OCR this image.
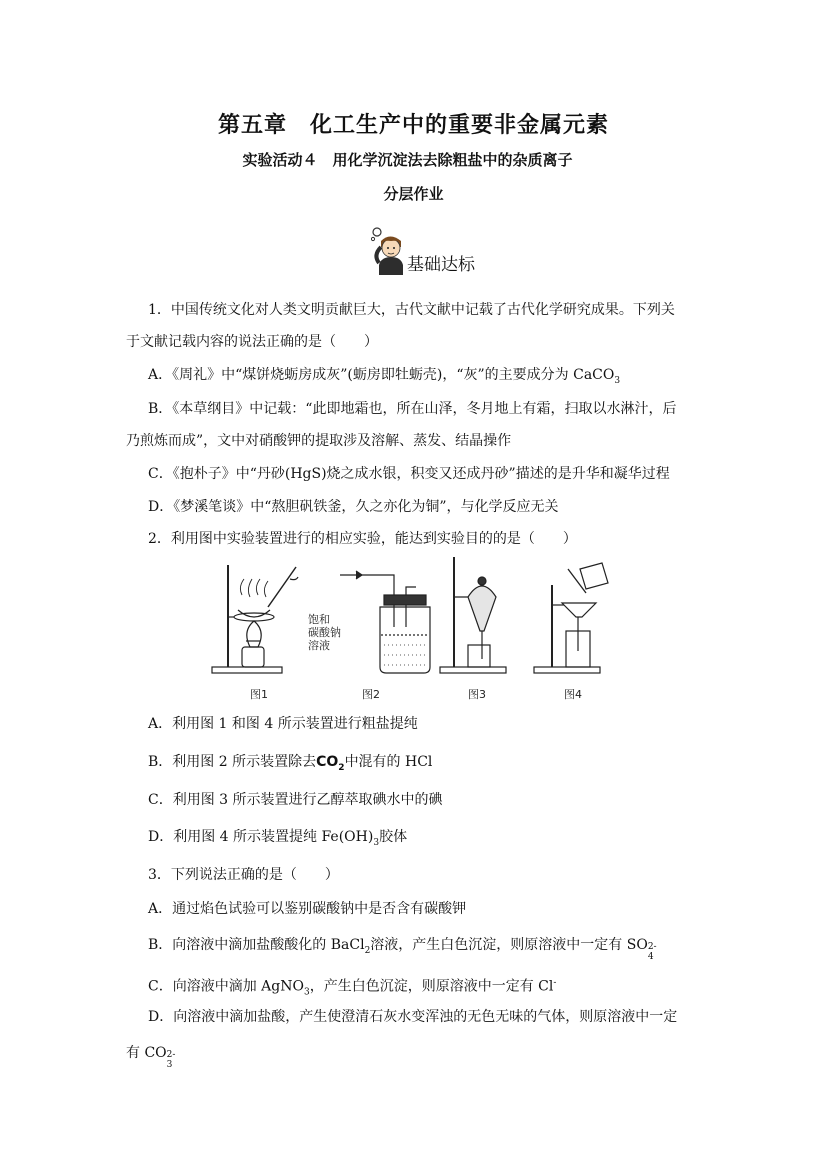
第五章　化工生产中的重要非金属元素
实验活动４　用化学沉淀法去除粗盐中的杂质离子
分层作业
基础达标
1．中国传统文化对人类文明贡献巨大，古代文献中记载了古代化学研究成果。下列关
于文献记载内容的说法正确的是（　　）
A．《周礼》中“煤饼烧蛎房成灰”(蛎房即牡蛎壳)，“灰”的主要成分为 CaCO$_3$
B．《本草纲目》中记载：“此即地霜也，所在山泽，冬月地上有霜，扫取以水淋汁，后
乃煎炼而成”，文中对硝酸钾的提取涉及溶解、蒸发、结晶操作
C．《抱朴子》中“丹砂(HgS)烧之成水银，积变又还成丹砂”描述的是升华和凝华过程
D．《梦溪笔谈》中“熬胆矾铁釜，久之亦化为铜”，与化学反应无关
2．利用图中实验装置进行的相应实验，能达到实验目的的是（　　）
饱和
碳酸钠
溶液
图1	图2	图3	图4
A．利用图 1 和图 4 所示装置进行粗盐提纯
B．利用图 2 所示装置除去$CO_2$中混有的 HCl
C．利用图 3 所示装置进行乙醇萃取碘水中的碘
D．利用图 4 所示装置提纯 $Fe(OH)_3$胶体
3．下列说法正确的是（　　）
A．通过焰色试验可以鉴别碳酸钠中是否含有碳酸钾
B．向溶液中滴加盐酸酸化的 BaCl$_2$溶液，产生白色沉淀，则原溶液中一定有 SO 2-
4
C．向溶液中滴加 AgNO$_3$，产生白色沉淀，则原溶液中一定有 Cl-
D．向溶液中滴加盐酸，产生使澄清石灰水变浑浊的无色无味的气体，则原溶液中一定
有 CO 2-
3
